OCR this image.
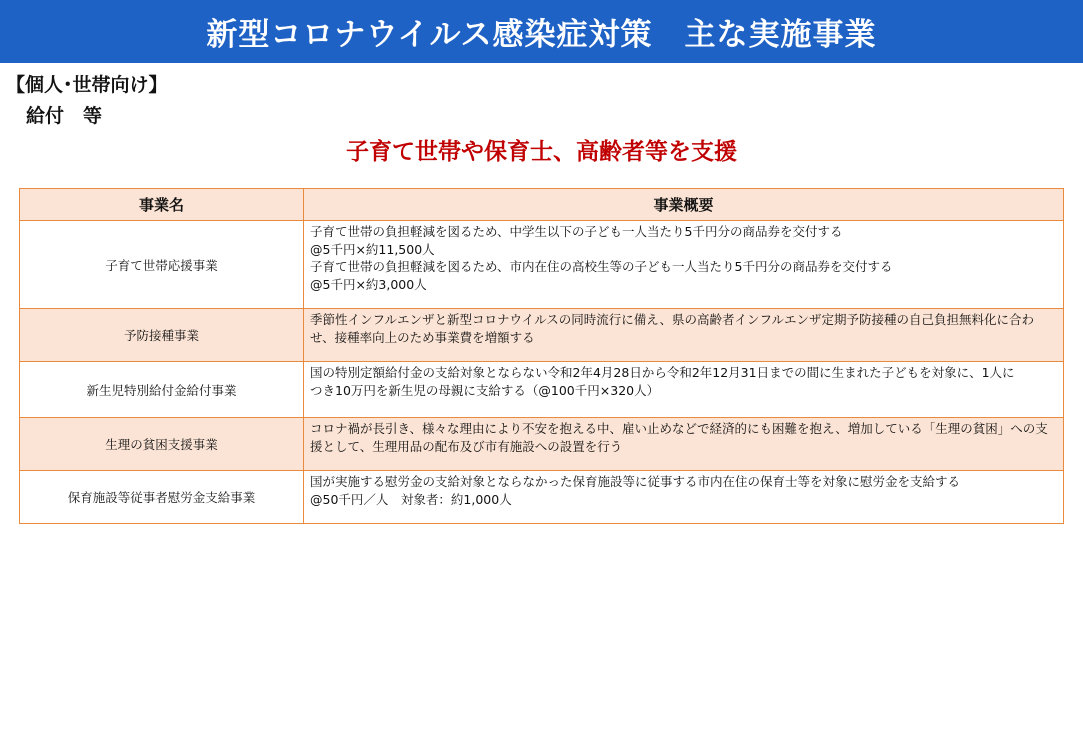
新型コロナウイルス感染症対策　主な実施事業
【個人･世帯向け】
給付　等
子育て世帯や保育士、高齢者等を支援
事業名	事業概要
子育て世帯応援事業	子育て世帯の負担軽減を図るため、中学生以下の子ども一人当たり5千円分の商品券を交付する
@5千円×約11,500人
子育て世帯の負担軽減を図るため、市内在住の高校生等の子ども一人当たり5千円分の商品券を交付する
@5千円×約3,000人

予防接種事業	季節性インフルエンザと新型コロナウイルスの同時流行に備え、県の高齢者インフルエンザ定期予防接種の自己負担無料化に合わ
せ、接種率向上のため事業費を増額する

新生児特別給付金給付事業	国の特別定額給付金の支給対象とならない令和2年4月28日から令和2年12月31日までの間に生まれた子どもを対象に、1人に
つき10万円を新生児の母親に支給する（@100千円×320人）

生理の貧困支援事業	コロナ禍が長引き、様々な理由により不安を抱える中、雇い止めなどで経済的にも困難を抱え、増加している「生理の貧困」への支
援として、生理用品の配布及び市有施設への設置を行う

保育施設等従事者慰労金支給事業	国が実施する慰労金の支給対象とならなかった保育施設等に従事する市内在住の保育士等を対象に慰労金を支給する
@50千円／人　対象者：約1,000人
